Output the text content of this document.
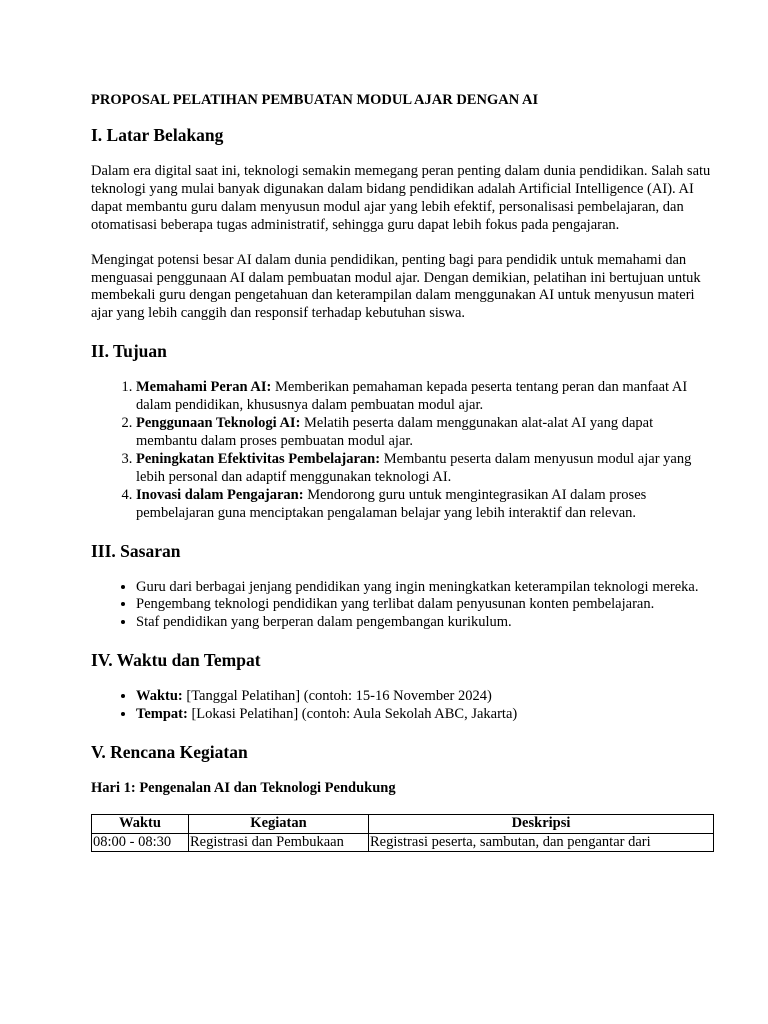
PROPOSAL PELATIHAN PEMBUATAN MODUL AJAR DENGAN AI
I. Latar Belakang

Dalam era digital saat ini, teknologi semakin memegang peran penting dalam dunia pendidikan. Salah satu teknologi yang mulai banyak digunakan dalam bidang pendidikan adalah Artificial Intelligence (AI). AI dapat membantu guru dalam menyusun modul ajar yang lebih efektif, personalisasi pembelajaran, dan otomatisasi beberapa tugas administratif, sehingga guru dapat lebih fokus pada pengajaran.

Mengingat potensi besar AI dalam dunia pendidikan, penting bagi para pendidik untuk memahami dan menguasai penggunaan AI dalam pembuatan modul ajar. Dengan demikian, pelatihan ini bertujuan untuk membekali guru dengan pengetahuan dan keterampilan dalam menggunakan AI untuk menyusun materi ajar yang lebih canggih dan responsif terhadap kebutuhan siswa.

II. Tujuan
1. Memahami Peran AI: Memberikan pemahaman kepada peserta tentang peran dan manfaat AI dalam pendidikan, khususnya dalam pembuatan modul ajar.
2. Penggunaan Teknologi AI: Melatih peserta dalam menggunakan alat-alat AI yang dapat membantu dalam proses pembuatan modul ajar.
3. Peningkatan Efektivitas Pembelajaran: Membantu peserta dalam menyusun modul ajar yang lebih personal dan adaptif menggunakan teknologi AI.
4. Inovasi dalam Pengajaran: Mendorong guru untuk mengintegrasikan AI dalam proses pembelajaran guna menciptakan pengalaman belajar yang lebih interaktif dan relevan.
III. Sasaran
• Guru dari berbagai jenjang pendidikan yang ingin meningkatkan keterampilan teknologi mereka.
• Pengembang teknologi pendidikan yang terlibat dalam penyusunan konten pembelajaran.
• Staf pendidikan yang berperan dalam pengembangan kurikulum.
IV. Waktu dan Tempat
• Waktu: [Tanggal Pelatihan] (contoh: 15-16 November 2024)
• Tempat: [Lokasi Pelatihan] (contoh: Aula Sekolah ABC, Jakarta)
V. Rencana Kegiatan
Hari 1: Pengenalan AI dan Teknologi Pendukung
Waktu	Kegiatan	Deskripsi
08:00 - 08:30	Registrasi dan Pembukaan	Registrasi peserta, sambutan, dan pengantar dari
